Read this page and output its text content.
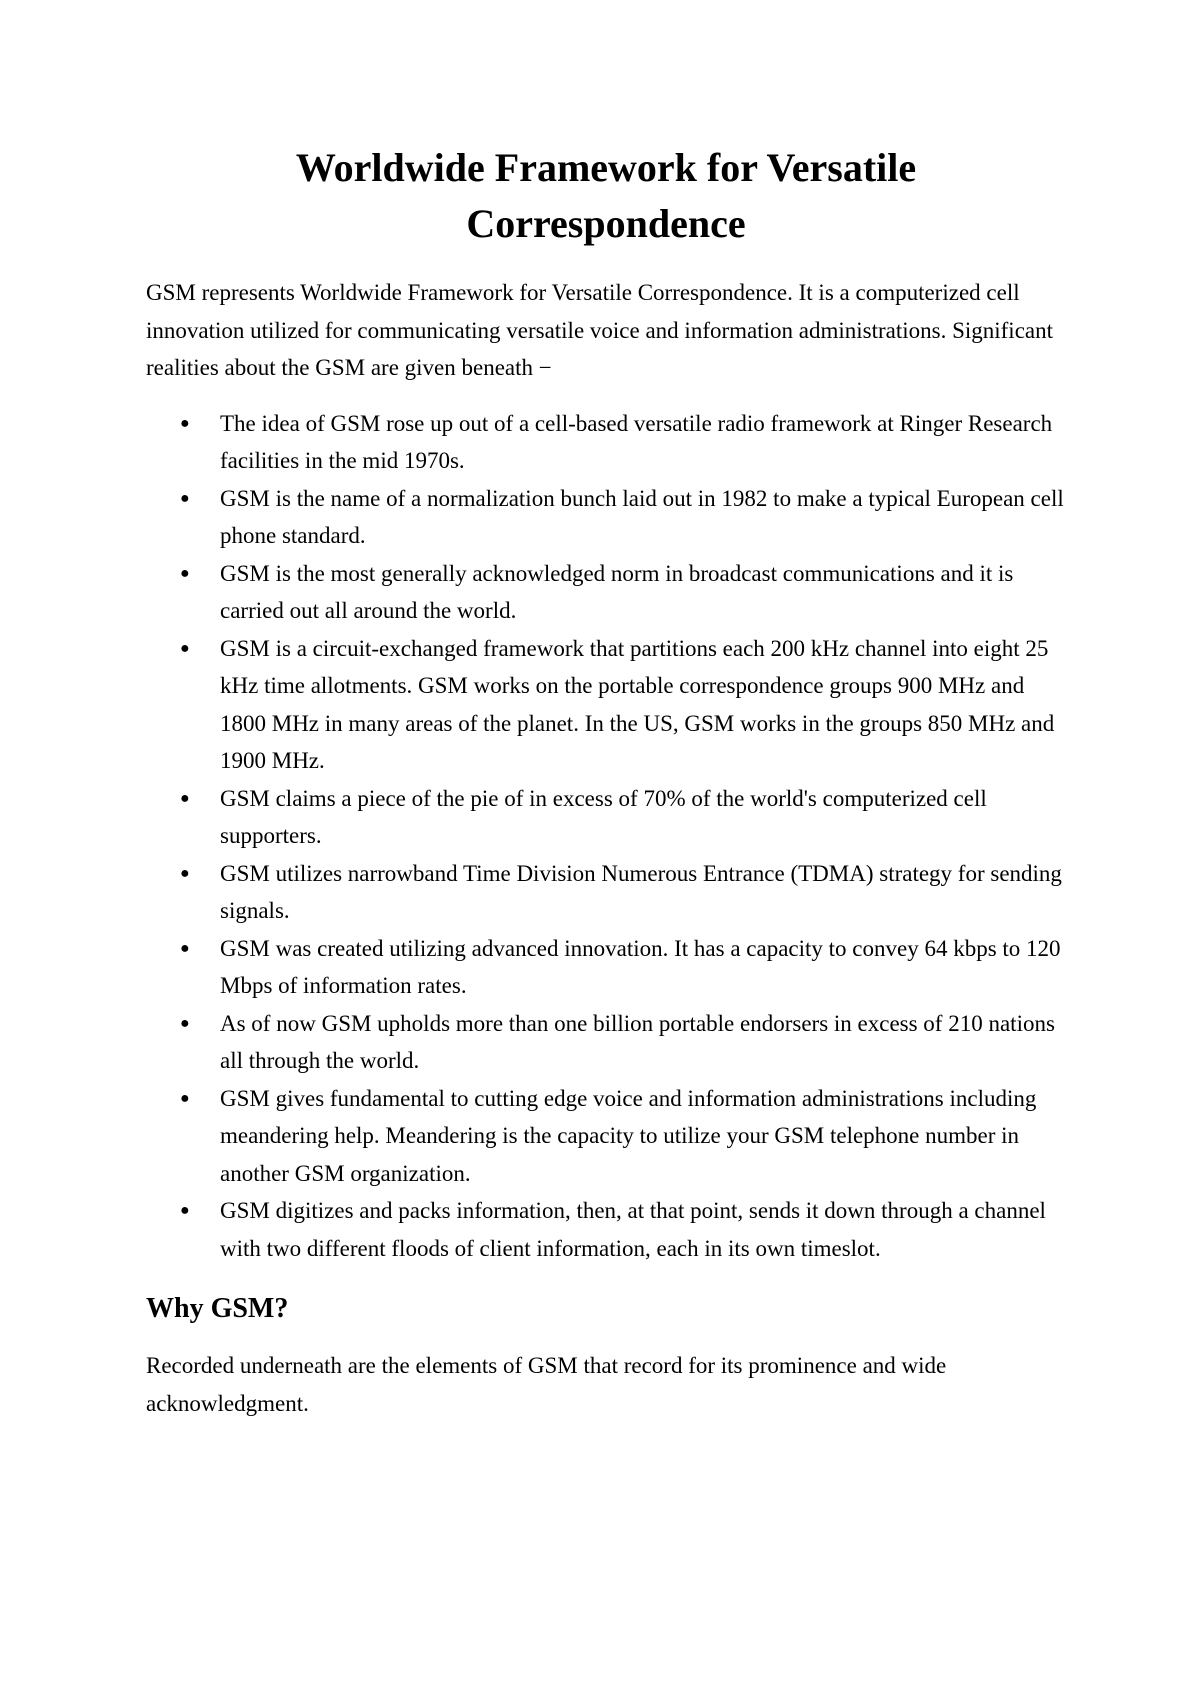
Worldwide Framework for Versatile Correspondence

GSM represents Worldwide Framework for Versatile Correspondence. It is a computerized cell innovation utilized for communicating versatile voice and information administrations. Significant realities about the GSM are given beneath −

● The idea of GSM rose up out of a cell-based versatile radio framework at Ringer Research facilities in the mid 1970s.
● GSM is the name of a normalization bunch laid out in 1982 to make a typical European cell phone standard.
● GSM is the most generally acknowledged norm in broadcast communications and it is carried out all around the world.
● GSM is a circuit-exchanged framework that partitions each 200 kHz channel into eight 25 kHz time allotments. GSM works on the portable correspondence groups 900 MHz and 1800 MHz in many areas of the planet. In the US, GSM works in the groups 850 MHz and 1900 MHz.
● GSM claims a piece of the pie of in excess of 70% of the world's computerized cell supporters.
● GSM utilizes narrowband Time Division Numerous Entrance (TDMA) strategy for sending signals.
● GSM was created utilizing advanced innovation. It has a capacity to convey 64 kbps to 120 Mbps of information rates.
● As of now GSM upholds more than one billion portable endorsers in excess of 210 nations all through the world.
● GSM gives fundamental to cutting edge voice and information administrations including meandering help. Meandering is the capacity to utilize your GSM telephone number in another GSM organization.
● GSM digitizes and packs information, then, at that point, sends it down through a channel with two different floods of client information, each in its own timeslot.
Why GSM?

Recorded underneath are the elements of GSM that record for its prominence and wide acknowledgment.
